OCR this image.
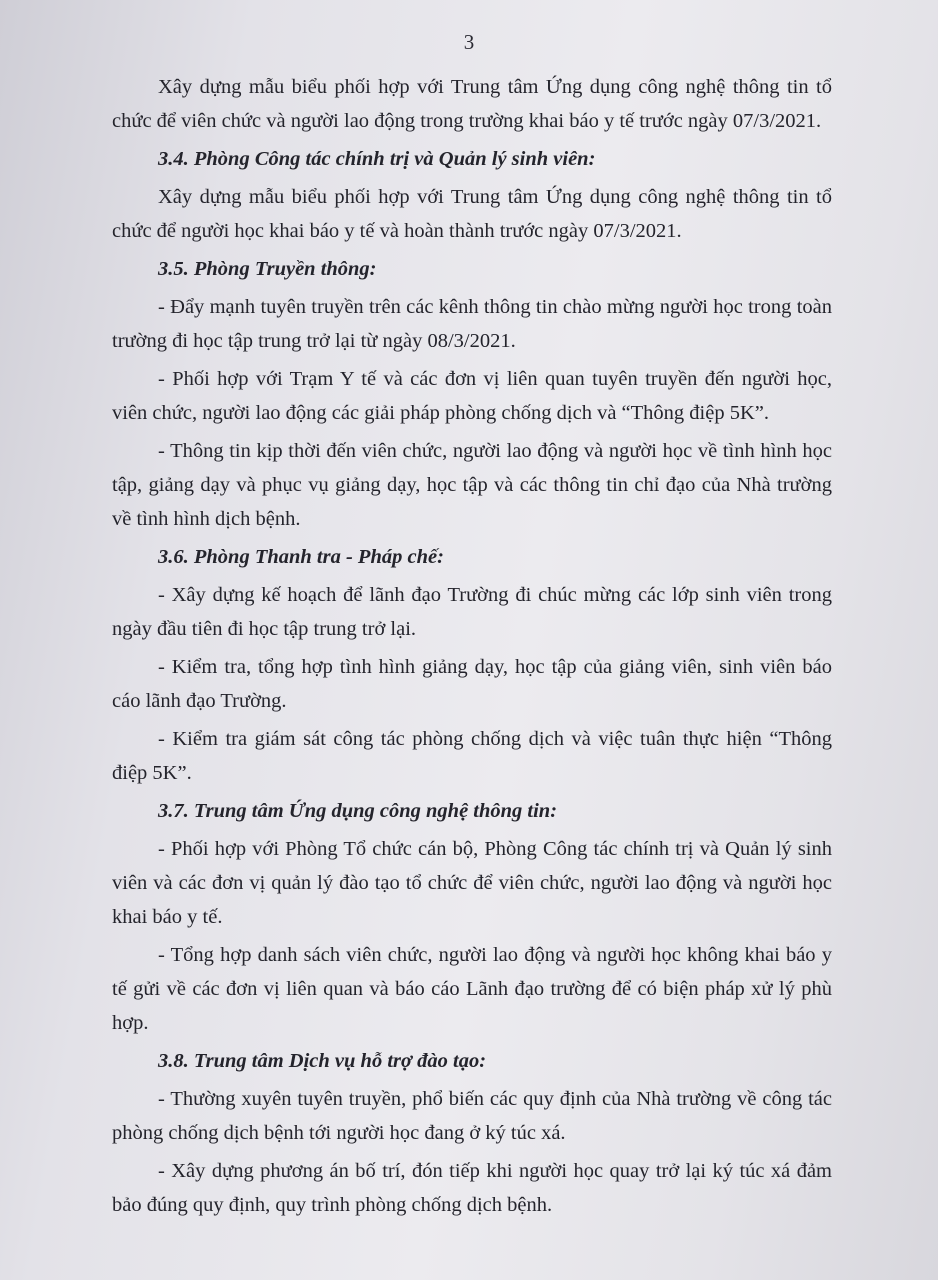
3

Xây dựng mẫu biểu phối hợp với Trung tâm Ứng dụng công nghệ thông tin tổ chức để viên chức và người lao động trong trường khai báo y tế trước ngày 07/3/2021.

3.4. Phòng Công tác chính trị và Quản lý sinh viên:

Xây dựng mẫu biểu phối hợp với Trung tâm Ứng dụng công nghệ thông tin tổ chức để người học khai báo y tế và hoàn thành trước ngày 07/3/2021.

3.5. Phòng Truyền thông:

- Đẩy mạnh tuyên truyền trên các kênh thông tin chào mừng người học trong toàn trường đi học tập trung trở lại từ ngày 08/3/2021.

- Phối hợp với Trạm Y tế và các đơn vị liên quan tuyên truyền đến người học, viên chức, người lao động các giải pháp phòng chống dịch và “Thông điệp 5K”.

- Thông tin kịp thời đến viên chức, người lao động và người học về tình hình học tập, giảng dạy và phục vụ giảng dạy, học tập và các thông tin chỉ đạo của Nhà trường về tình hình dịch bệnh.

3.6. Phòng Thanh tra - Pháp chế:

- Xây dựng kế hoạch để lãnh đạo Trường đi chúc mừng các lớp sinh viên trong ngày đầu tiên đi học tập trung trở lại.

- Kiểm tra, tổng hợp tình hình giảng dạy, học tập của giảng viên, sinh viên báo cáo lãnh đạo Trường.

- Kiểm tra giám sát công tác phòng chống dịch và việc tuân thực hiện “Thông điệp 5K”.

3.7. Trung tâm Ứng dụng công nghệ thông tin:

- Phối hợp với Phòng Tổ chức cán bộ, Phòng Công tác chính trị và Quản lý sinh viên và các đơn vị quản lý đào tạo tổ chức để viên chức, người lao động và người học khai báo y tế.

- Tổng hợp danh sách viên chức, người lao động và người học không khai báo y tế gửi về các đơn vị liên quan và báo cáo Lãnh đạo trường để có biện pháp xử lý phù hợp.

3.8. Trung tâm Dịch vụ hỗ trợ đào tạo:

- Thường xuyên tuyên truyền, phổ biến các quy định của Nhà trường về công tác phòng chống dịch bệnh tới người học đang ở ký túc xá.

- Xây dựng phương án bố trí, đón tiếp khi người học quay trở lại ký túc xá đảm bảo đúng quy định, quy trình phòng chống dịch bệnh.
